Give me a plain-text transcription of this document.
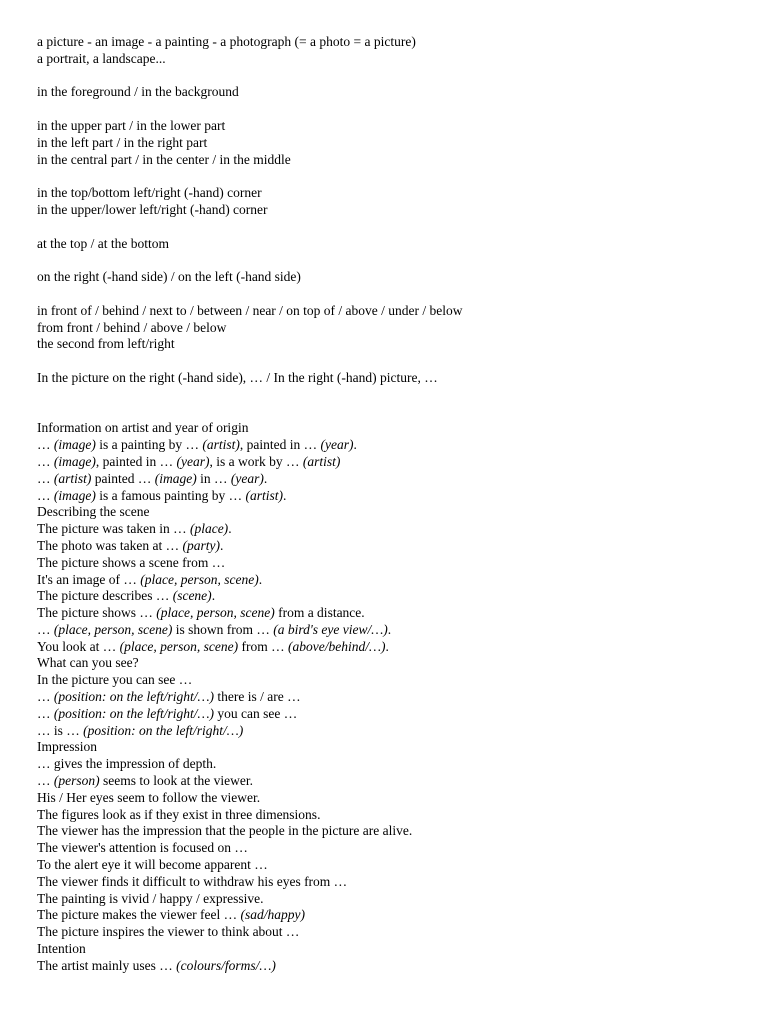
a picture - an image - a painting - a photograph (= a photo = a picture)
a portrait, a landscape...
in the foreground / in the background
in the upper part / in the lower part
in the left part / in the right part
in the central part / in the center / in the middle
in the top/bottom left/right (-hand) corner
in the upper/lower left/right (-hand) corner
at the top / at the bottom
on the right (-hand side) / on the left (-hand side)
in front of / behind / next to / between / near / on top of / above / under / below
from front / behind / above / below
the second from left/right
In the picture on the right (-hand side), … / In the right (-hand) picture, …
Information on artist and year of origin
… (image) is a painting by … (artist), painted in … (year).
… (image), painted in … (year), is a work by … (artist)
… (artist) painted … (image) in … (year).
… (image) is a famous painting by … (artist).
Describing the scene
The picture was taken in … (place).
The photo was taken at … (party).
The picture shows a scene from …
It's an image of … (place, person, scene).
The picture describes … (scene).
The picture shows … (place, person, scene) from a distance.
… (place, person, scene) is shown from … (a bird's eye view/…).
You look at … (place, person, scene) from … (above/behind/…).
What can you see?
In the picture you can see …
… (position: on the left/right/…) there is / are …
… (position: on the left/right/…) you can see …
… is … (position: on the left/right/…)
Impression
… gives the impression of depth.
… (person) seems to look at the viewer.
His / Her eyes seem to follow the viewer.
The figures look as if they exist in three dimensions.
The viewer has the impression that the people in the picture are alive.
The viewer's attention is focused on …
To the alert eye it will become apparent …
The viewer finds it difficult to withdraw his eyes from …
The painting is vivid / happy / expressive.
The picture makes the viewer feel … (sad/happy)
The picture inspires the viewer to think about …
Intention
The artist mainly uses … (colours/forms/…)
